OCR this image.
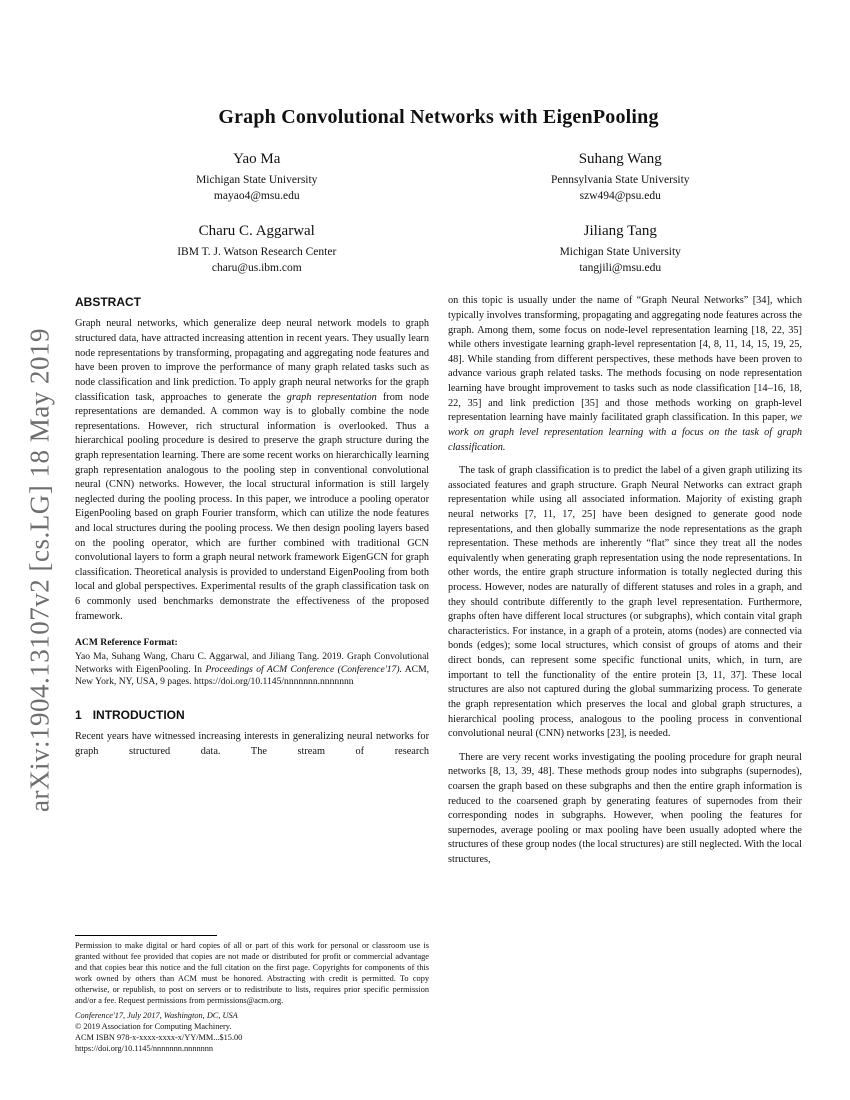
arXiv:1904.13107v2 [cs.LG] 18 May 2019
Graph Convolutional Networks with EigenPooling
Yao Ma
Michigan State University
mayao4@msu.edu
Suhang Wang
Pennsylvania State University
szw494@psu.edu
Charu C. Aggarwal
IBM T. J. Watson Research Center
charu@us.ibm.com
Jiliang Tang
Michigan State University
tangjili@msu.edu
ABSTRACT

Graph neural networks, which generalize deep neural network models to graph structured data, have attracted increasing attention in recent years. They usually learn node representations by transforming, propagating and aggregating node features and have been proven to improve the performance of many graph related tasks such as node classification and link prediction. To apply graph neural networks for the graph classification task, approaches to generate the graph representation from node representations are demanded. A common way is to globally combine the node representations. However, rich structural information is overlooked. Thus a hierarchical pooling procedure is desired to preserve the graph structure during the graph representation learning. There are some recent works on hierarchically learning graph representation analogous to the pooling step in conventional convolutional neural (CNN) networks. However, the local structural information is still largely neglected during the pooling process. In this paper, we introduce a pooling operator EigenPooling based on graph Fourier transform, which can utilize the node features and local structures during the pooling process. We then design pooling layers based on the pooling operator, which are further combined with traditional GCN convolutional layers to form a graph neural network framework EigenGCN for graph classification. Theoretical analysis is provided to understand EigenPooling from both local and global perspectives. Experimental results of the graph classification task on 6 commonly used benchmarks demonstrate the effectiveness of the proposed framework.

ACM Reference Format:

Yao Ma, Suhang Wang, Charu C. Aggarwal, and Jiliang Tang. 2019. Graph Convolutional Networks with EigenPooling. In Proceedings of ACM Conference (Conference'17). ACM, New York, NY, USA, 9 pages. https://doi.org/10.1145/nnnnnnn.nnnnnnn

1 INTRODUCTION

Recent years have witnessed increasing interests in generalizing neural networks for graph structured data. The stream of research

Permission to make digital or hard copies of all or part of this work for personal or classroom use is granted without fee provided that copies are not made or distributed for profit or commercial advantage and that copies bear this notice and the full citation on the first page. Copyrights for components of this work owned by others than ACM must be honored. Abstracting with credit is permitted. To copy otherwise, or republish, to post on servers or to redistribute to lists, requires prior specific permission and/or a fee. Request permissions from permissions@acm.org.

Conference'17, July 2017, Washington, DC, USA

© 2019 Association for Computing Machinery.

ACM ISBN 978-x-xxxx-xxxx-x/YY/MM...$15.00

https://doi.org/10.1145/nnnnnnn.nnnnnnn

on this topic is usually under the name of “Graph Neural Networks” [34], which typically involves transforming, propagating and aggregating node features across the graph. Among them, some focus on node-level representation learning [18, 22, 35] while others investigate learning graph-level representation [4, 8, 11, 14, 15, 19, 25, 48]. While standing from different perspectives, these methods have been proven to advance various graph related tasks. The methods focusing on node representation learning have brought improvement to tasks such as node classification [14–16, 18, 22, 35] and link prediction [35] and those methods working on graph-level representation learning have mainly facilitated graph classification. In this paper, we work on graph level representation learning with a focus on the task of graph classification.

The task of graph classification is to predict the label of a given graph utilizing its associated features and graph structure. Graph Neural Networks can extract graph representation while using all associated information. Majority of existing graph neural networks [7, 11, 17, 25] have been designed to generate good node representations, and then globally summarize the node representations as the graph representation. These methods are inherently “flat” since they treat all the nodes equivalently when generating graph representation using the node representations. In other words, the entire graph structure information is totally neglected during this process. However, nodes are naturally of different statuses and roles in a graph, and they should contribute differently to the graph level representation. Furthermore, graphs often have different local structures (or subgraphs), which contain vital graph characteristics. For instance, in a graph of a protein, atoms (nodes) are connected via bonds (edges); some local structures, which consist of groups of atoms and their direct bonds, can represent some specific functional units, which, in turn, are important to tell the functionality of the entire protein [3, 11, 37]. These local structures are also not captured during the global summarizing process. To generate the graph representation which preserves the local and global graph structures, a hierarchical pooling process, analogous to the pooling process in conventional convolutional neural (CNN) networks [23], is needed.

There are very recent works investigating the pooling procedure for graph neural networks [8, 13, 39, 48]. These methods group nodes into subgraphs (supernodes), coarsen the graph based on these subgraphs and then the entire graph information is reduced to the coarsened graph by generating features of supernodes from their corresponding nodes in subgraphs. However, when pooling the features for supernodes, average pooling or max pooling have been usually adopted where the structures of these group nodes (the local structures) are still neglected. With the local structures,
